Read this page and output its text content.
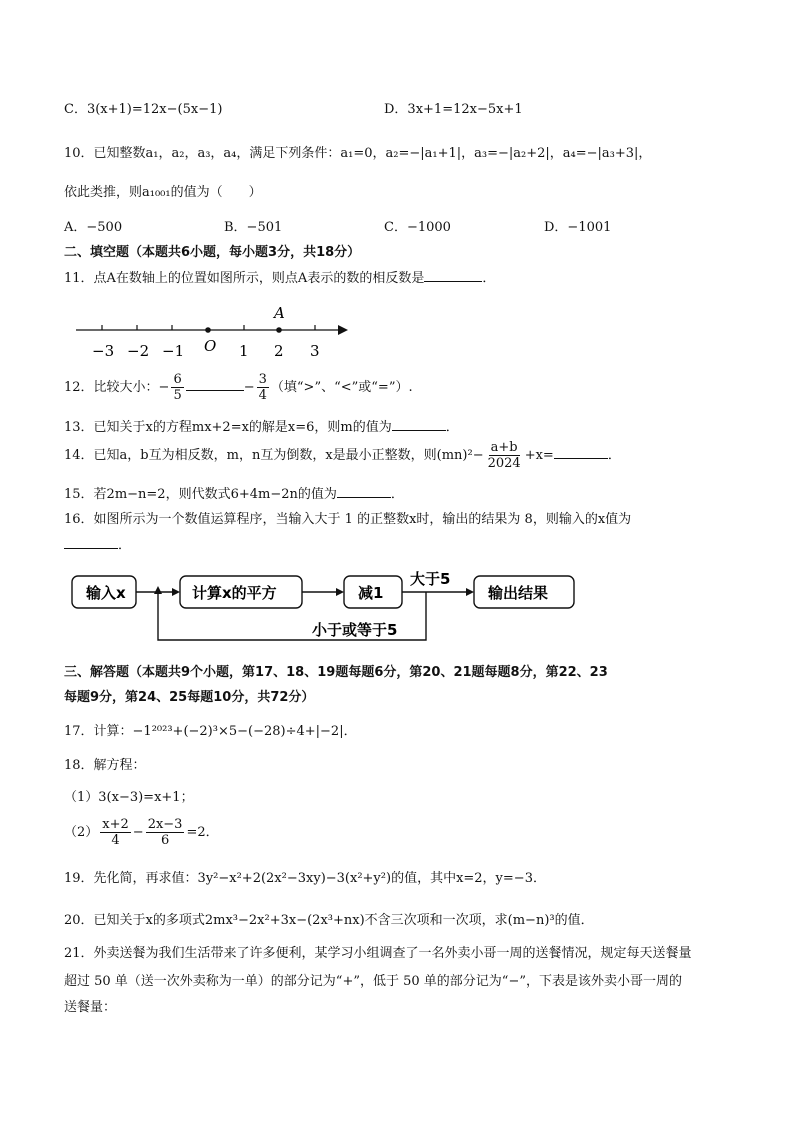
C．3(x+1)=12x−(5x−1)	D．3x+1=12x−5x+1
10．已知整数a₁，a₂，a₃，a₄，满足下列条件：a₁=0，a₂=−|a₁+1|，a₃=−|a₂+2|，a₄=−|a₃+3|，
依此类推，则a₁₀₀₁的值为（　　）
A．−500	B．−501	C．−1000	D．−1001
二、填空题（本题共6小题，每小题3分，共18分）
11．点A在数轴上的位置如图所示，则点A表示的数的相反数是	．
A
O
−3 −2 −1	1 2 3
12．比较大小：− $\frac{6}{5}$	− $\frac{3}{4}$ （填“>”、“<”或“=”）.
13．已知关于x的方程mx+2=x的解是x=6，则m的值为	．
14．已知a，b互为相反数，m，n互为倒数，x是最小正整数，则$(mn)^2- \frac{a+b}{2024} +x=$	．
15．若2m−n=2，则代数式6+4m−2n的值为	．
16．如图所示为一个数值运算程序，当输入大于 1 的正整数x时，输出的结果为 8，则输入的x值为
．
输入x	计算x的平方	减1	输出结果
大于5
小于或等于5
三、解答题（本题共9个小题，第17、18、19题每题6分，第20、21题每题8分，第22、23
每题9分，第24、25每题10分，共72分）
17．计算：−1²⁰²³+(−2)³×5−(−28)÷4+|−2|．
18．解方程：
（1）3(x−3)=x+1；
$(2) \frac{x+2}{4} - \frac{2x-3}{6} =2$．
19．先化简，再求值：3y²−x²+2(2x²−3xy)−3(x²+y²)的值，其中x=2，y=−3．
20．已知关于x的多项式2mx³−2x²+3x−(2x³+nx)不含三次项和一次项，求(m−n)³的值．
21．外卖送餐为我们生活带来了许多便利，某学习小组调查了一名外卖小哥一周的送餐情况，规定每天送餐量
超过 50 单（送一次外卖称为一单）的部分记为“+”，低于 50 单的部分记为“−”，下表是该外卖小哥一周的
送餐量：
